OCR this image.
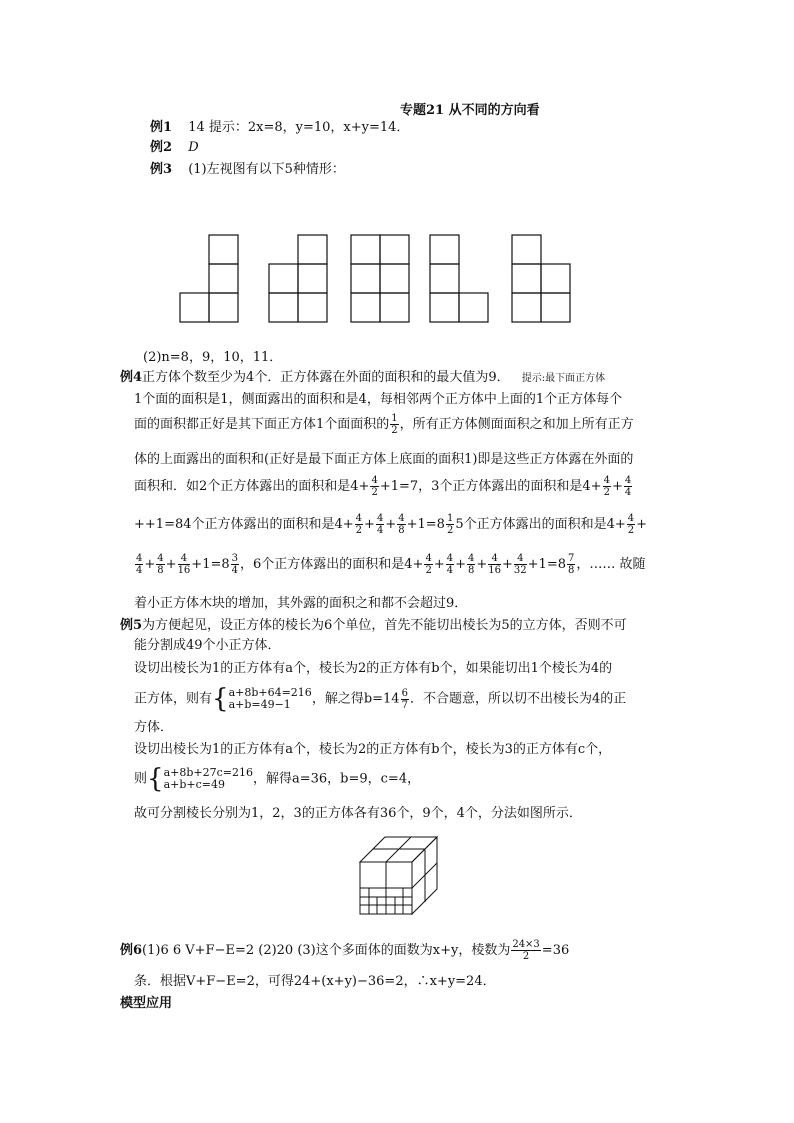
专题21 从不同的方向看
例1 14 提示：2x=8，y=10，x+y=14．
例2 D
例3 (1)左视图有以下5种情形：
(2)n=8，9，10，11．
例4正方体个数至少为4个．正方体露在外面的面积和的最大值为9． 提示:最下面正方体
1个面的面积是1，侧面露出的面积和是4，每相邻两个正方体中上面的1个正方体每个
面的面积都正好是其下面正方体1个面面积的 $\frac{1}{2}$ ，所有正方体侧面面积之和加上所有正方
体的上面露出的面积和(正好是最下面正方体上底面的面积1)即是这些正方体露在外面的
面积和．如2个正方体露出的面积和是$4+ \frac{4}{2} +1=7$，3个正方体露出的面积和是$4+ \frac{4}{2} + \frac{4}{4}$
++1=84个正方体露出的面积和是$4+ \frac{4}{2} + \frac{4}{4} + \frac{4}{8} +1=8 \frac{1}{2} 5$个正方体露出的面积和是$4+ \frac{4}{2}$ +
$\frac{4}{4} + \frac{4}{8} + \frac{4}{16} +1=8 \frac{3}{4}$ ，6个正方体露出的面积和是$4+ \frac{4}{2} + \frac{4}{4} + \frac{4}{8} + \frac{4}{16} + \frac{4}{32} +1=8 \frac{7}{8}$ ，…… 故随
着小正方体木块的增加，其外露的面积之和都不会超过9．
例5为方便起见，设正方体的棱长为6个单位，首先不能切出棱长为5的立方体，否则不可
能分割成49个小正方体．
设切出棱长为1的正方体有a个，棱长为2的正方体有b个，如果能切出1个棱长为4的
正方体，则有{ a+8b+64=216
a+b=49−1	，解之得$b=14 \frac{6}{7}$ ．不合题意，所以切不出棱长为4的正
方体．
设切出棱长为1的正方体有a个，棱长为2的正方体有b个，棱长为3的正方体有c个，
则{ a+8b+27c=216
a+b+c=49	，解得a=36，b=9，c=4，
故可分割棱长分别为1，2，3的正方体各有36个，9个，4个，分法如图所示．
例6(1)6 6 V+F−E=2 (2)20 (3)这个多面体的面数为x+y，棱数为 $\frac{24\times 3}{2} =36$
条．根据V+F−E=2，可得24+(x+y)−36=2，∴x+y=24．
模型应用
